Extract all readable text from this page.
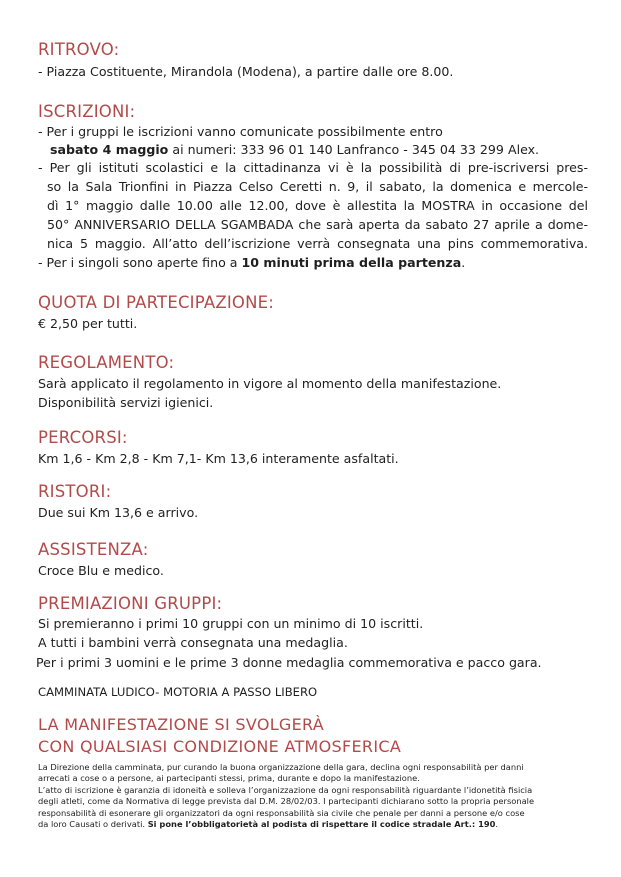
RITROVO:
- Piazza Costituente, Mirandola (Modena), a partire dalle ore 8.00.
ISCRIZIONI:
- Per i gruppi le iscrizioni vanno comunicate possibilmente entro
sabato 4 maggio ai numeri: 333 96 01 140 Lanfranco - 345 04 33 299 Alex.
- Per gli istituti scolastici e la cittadinanza vi è la possibilità di pre-iscriversi pres-
so la Sala Trionfini in Piazza Celso Ceretti n. 9, il sabato, la domenica e mercole-
dì 1° maggio dalle 10.00 alle 12.00, dove è allestita la MOSTRA in occasione del
50° ANNIVERSARIO DELLA SGAMBADA che sarà aperta da sabato 27 aprile a dome-
nica 5 maggio. All’atto dell’iscrizione verrà consegnata una pins commemorativa.
- Per i singoli sono aperte fino a 10 minuti prima della partenza.
QUOTA DI PARTECIPAZIONE:
€ 2,50 per tutti.
REGOLAMENTO:
Sarà applicato il regolamento in vigore al momento della manifestazione.
Disponibilità servizi igienici.
PERCORSI:
Km 1,6 - Km 2,8 - Km 7,1- Km 13,6 interamente asfaltati.
RISTORI:
Due sui Km 13,6 e arrivo.
ASSISTENZA:
Croce Blu e medico.
PREMIAZIONI GRUPPI:
Si premieranno i primi 10 gruppi con un minimo di 10 iscritti.
A tutti i bambini verrà consegnata una medaglia.
Per i primi 3 uomini e le prime 3 donne medaglia commemorativa e pacco gara.
CAMMINATA LUDICO- MOTORIA A PASSO LIBERO
LA MANIFESTAZIONE SI SVOLGERÀ
CON QUALSIASI CONDIZIONE ATMOSFERICA
La Direzione della camminata, pur curando la buona organizzazione della gara, declina ogni responsabilità per danni
arrecati a cose o a persone, ai partecipanti stessi, prima, durante e dopo la manifestazione.
L’atto di iscrizione è garanzia di idoneità e solleva l’organizzazione da ogni responsabilità riguardante l’idonetità fisicia
degli atleti, come da Normativa di legge prevista dal D.M. 28/02/03. I partecipanti dichiarano sotto la propria personale
responsabilità di esonerare gli organizzatori da ogni responsabilità sia civile che penale per danni a persone e/o cose
da loro Causati o derivati. Si pone l’obbligatorietà al podista di rispettare il codice stradale Art.: 190.
